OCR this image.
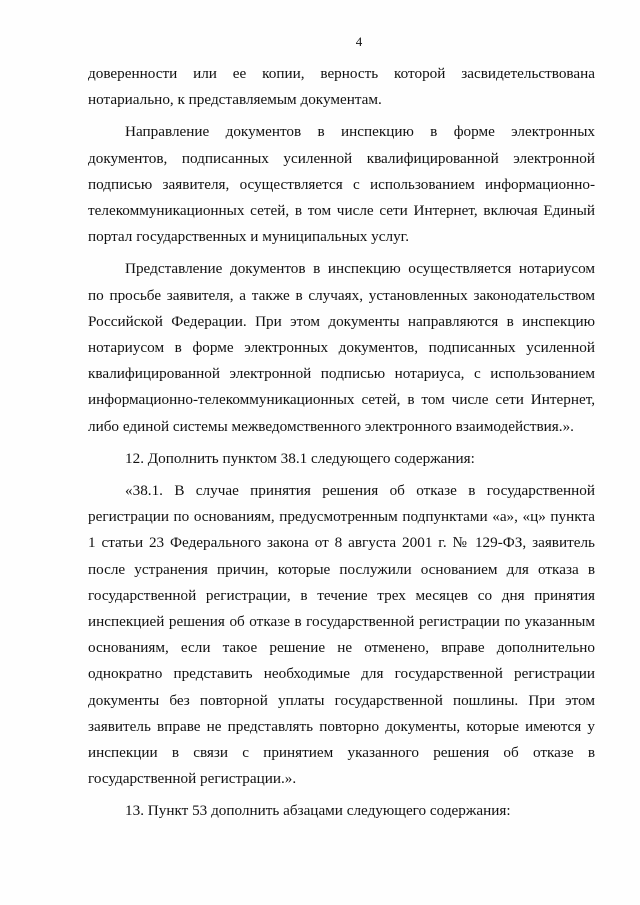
4

доверенности или ее копии, верность которой засвидетельствована нотариально, к представляемым документам.

Направление документов в инспекцию в форме электронных документов, подписанных усиленной квалифицированной электронной подписью заявителя, осуществляется с использованием информационно-телекоммуникационных сетей, в том числе сети Интернет, включая Единый портал государственных и муниципальных услуг.

Представление документов в инспекцию осуществляется нотариусом по просьбе заявителя, а также в случаях, установленных законодательством Российской Федерации. При этом документы направляются в инспекцию нотариусом в форме электронных документов, подписанных усиленной квалифицированной электронной подписью нотариуса, с использованием информационно-телекоммуникационных сетей, в том числе сети Интернет, либо единой системы межведомственного электронного взаимодействия.».

12. Дополнить пунктом 38.1 следующего содержания:

«38.1. В случае принятия решения об отказе в государственной регистрации по основаниям, предусмотренным подпунктами «а», «ц» пункта 1 статьи 23 Федерального закона от 8 августа 2001 г. № 129-ФЗ, заявитель после устранения причин, которые послужили основанием для отказа в государственной регистрации, в течение трех месяцев со дня принятия инспекцией решения об отказе в государственной регистрации по указанным основаниям, если такое решение не отменено, вправе дополнительно однократно представить необходимые для государственной регистрации документы без повторной уплаты государственной пошлины. При этом заявитель вправе не представлять повторно документы, которые имеются у инспекции в связи с принятием указанного решения об отказе в государственной регистрации.».

13. Пункт 53 дополнить абзацами следующего содержания:
